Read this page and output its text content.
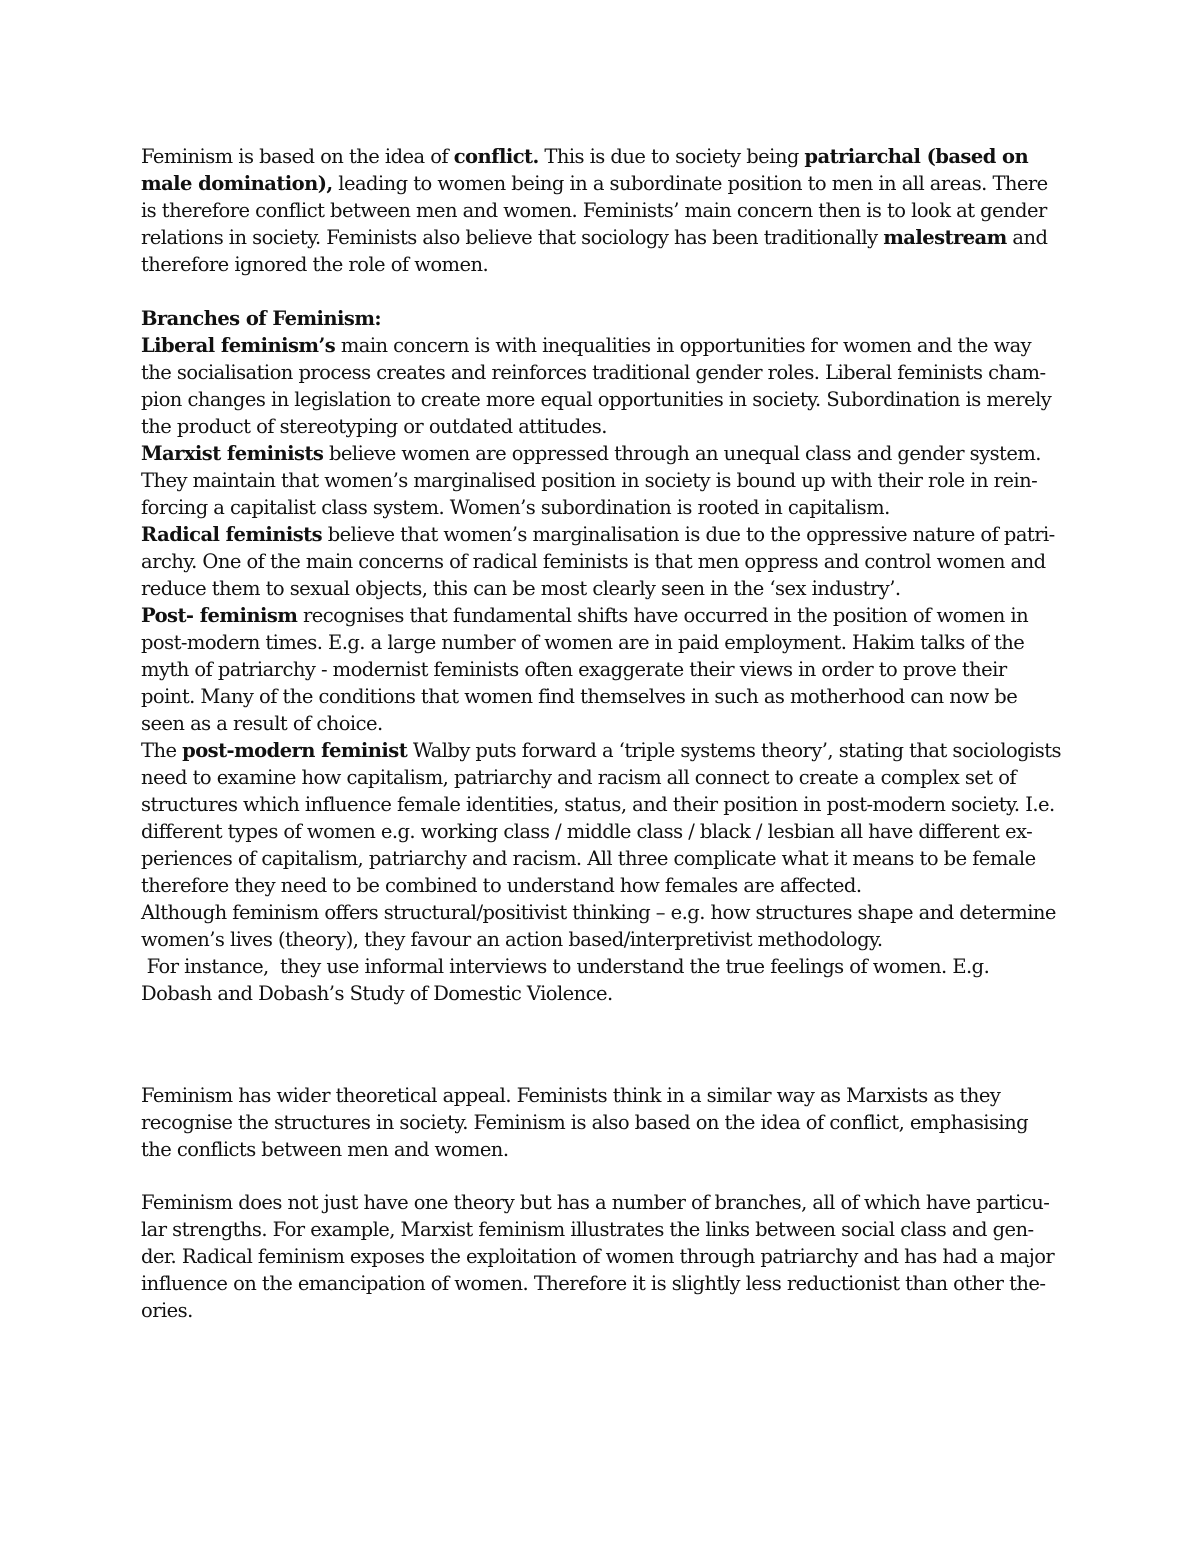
Feminism is based on the idea of conflict. This is due to society being patriarchal (based on
male domination), leading to women being in a subordinate position to men in all areas. There
is therefore conflict between men and women. Feminists’ main concern then is to look at gender
relations in society. Feminists also believe that sociology has been traditionally malestream and
therefore ignored the role of women.
Branches of Feminism:
Liberal feminism’s main concern is with inequalities in opportunities for women and the way
the socialisation process creates and reinforces traditional gender roles. Liberal feminists cham-
pion changes in legislation to create more equal opportunities in society. Subordination is merely
the product of stereotyping or outdated attitudes.
Marxist feminists believe women are oppressed through an unequal class and gender system.
They maintain that women’s marginalised position in society is bound up with their role in rein-
forcing a capitalist class system. Women’s subordination is rooted in capitalism.
Radical feminists believe that women’s marginalisation is due to the oppressive nature of patri-
archy. One of the main concerns of radical feminists is that men oppress and control women and
reduce them to sexual objects, this can be most clearly seen in the ‘sex industry’.
Post- feminism recognises that fundamental shifts have occurred in the position of women in
post-modern times. E.g. a large number of women are in paid employment. Hakim talks of the
myth of patriarchy - modernist feminists often exaggerate their views in order to prove their
point. Many of the conditions that women find themselves in such as motherhood can now be
seen as a result of choice.
The post-modern feminist Walby puts forward a ‘triple systems theory’, stating that sociologists
need to examine how capitalism, patriarchy and racism all connect to create a complex set of
structures which influence female identities, status, and their position in post-modern society. I.e.
different types of women e.g. working class / middle class / black / lesbian all have different ex-
periences of capitalism, patriarchy and racism. All three complicate what it means to be female
therefore they need to be combined to understand how females are affected.
Although feminism offers structural/positivist thinking – e.g. how structures shape and determine
women’s lives (theory), they favour an action based/interpretivist methodology.
For instance,  they use informal interviews to understand the true feelings of women. E.g.
Dobash and Dobash’s Study of Domestic Violence.
Feminism has wider theoretical appeal. Feminists think in a similar way as Marxists as they
recognise the structures in society. Feminism is also based on the idea of conflict, emphasising
the conflicts between men and women.
Feminism does not just have one theory but has a number of branches, all of which have particu-
lar strengths. For example, Marxist feminism illustrates the links between social class and gen-
der. Radical feminism exposes the exploitation of women through patriarchy and has had a major
influence on the emancipation of women. Therefore it is slightly less reductionist than other the-
ories.
